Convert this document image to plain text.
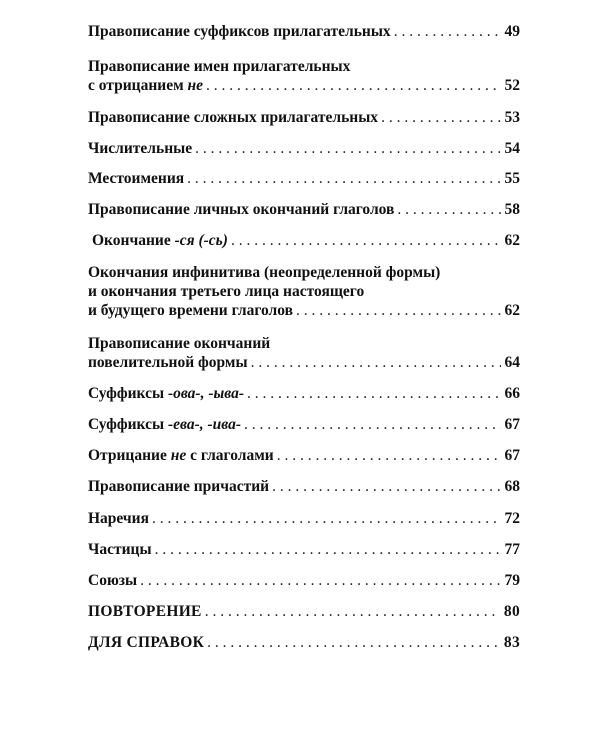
Правописание суффиксов прилагательных . . .	49
Правописание имен прилагательных
с отрицанием не . . .	52
Правописание сложных прилагательных . . .	53
Числительные . . .	54
Местоимения . . .	55
Правописание личных окончаний глаголов . . .	58
Окончание -ся (-сь) . . .	62
Окончания инфинитива (неопределенной формы)
и окончания третьего лица настоящего
и будущего времени глаголов . . .	62
Правописание окончаний
повелительной формы . . .	64
Суффиксы -ова-, -ыва- . . .	66
Суффиксы -ева-, -ива- . . .	67
Отрицание не с глаголами . . .	67
Правописание причастий . . .	68
Наречия . . .	72
Частицы . . .	77
Союзы . . .	79
ПОВТОРЕНИЕ . . .	80
ДЛЯ СПРАВОК . . .	83
